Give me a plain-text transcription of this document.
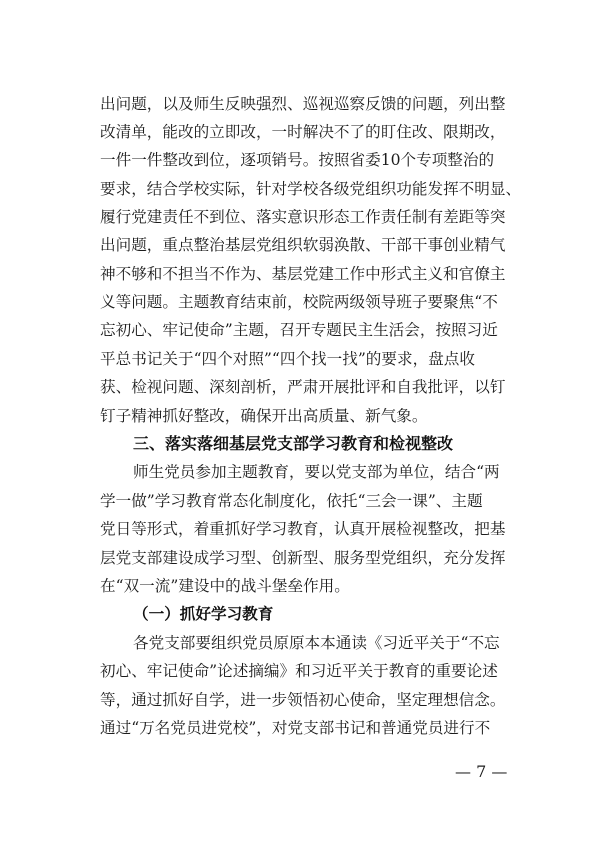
出问题，以及师生反映强烈、巡视巡察反馈的问题，列出整
改清单，能改的立即改，一时解决不了的盯住改、限期改，
一件一件整改到位，逐项销号。按照省委10个专项整治的
要求，结合学校实际，针对学校各级党组织功能发挥不明显、
履行党建责任不到位、落实意识形态工作责任制有差距等突
出问题，重点整治基层党组织软弱涣散、干部干事创业精气
神不够和不担当不作为、基层党建工作中形式主义和官僚主
义等问题。主题教育结束前，校院两级领导班子要聚焦“不
忘初心、牢记使命”主题，召开专题民主生活会，按照习近
平总书记关于“四个对照”“四个找一找”的要求，盘点收
获、检视问题、深刻剖析，严肃开展批评和自我批评，以钉
钉子精神抓好整改，确保开出高质量、新气象。
三、落实落细基层党支部学习教育和检视整改
师生党员参加主题教育，要以党支部为单位，结合“两
学一做”学习教育常态化制度化，依托“三会一课”、主题
党日等形式，着重抓好学习教育，认真开展检视整改，把基
层党支部建设成学习型、创新型、服务型党组织，充分发挥
在“双一流”建设中的战斗堡垒作用。
（一）抓好学习教育
各党支部要组织党员原原本本通读《习近平关于“不忘
初心、牢记使命”论述摘编》和习近平关于教育的重要论述
等，通过抓好自学，进一步领悟初心使命，坚定理想信念。
通过“万名党员进党校”，对党支部书记和普通党员进行不
— 7 —
